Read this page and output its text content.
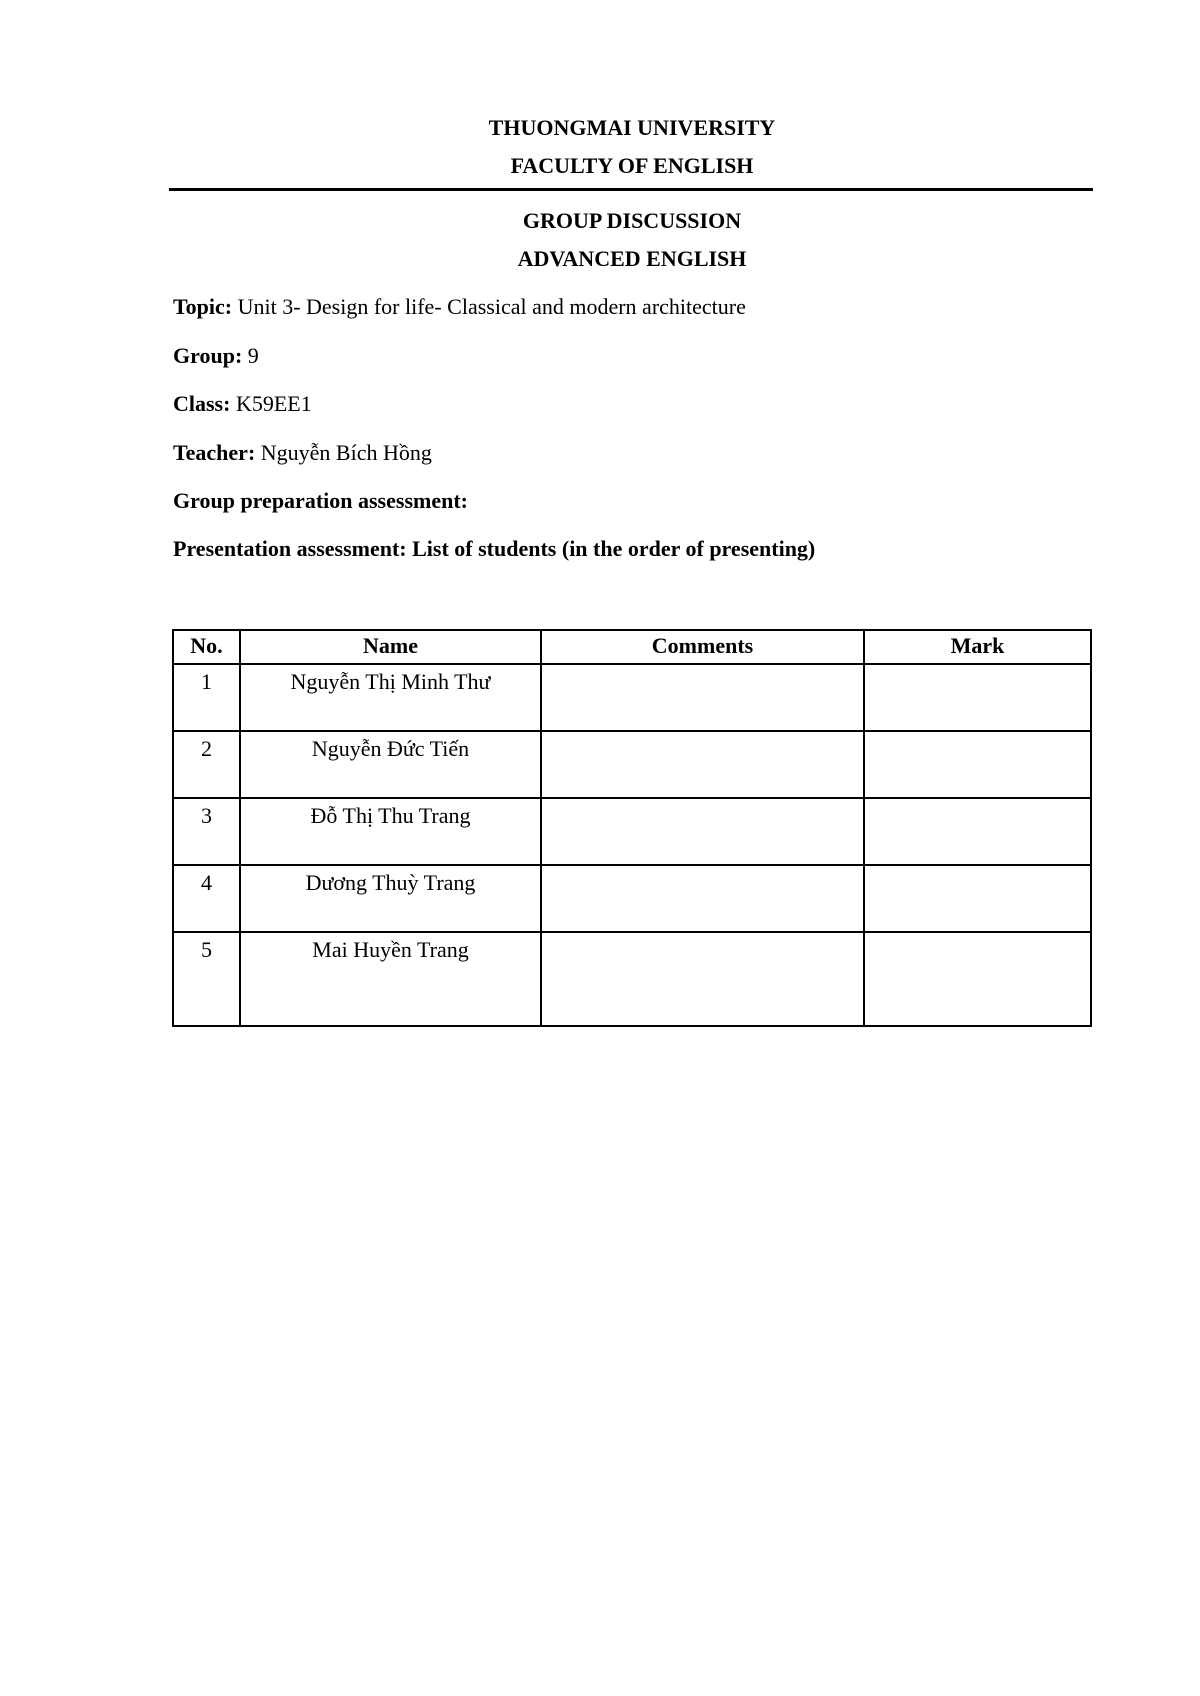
THUONGMAI UNIVERSITY
FACULTY OF ENGLISH
GROUP DISCUSSION
ADVANCED ENGLISH
Topic: Unit 3- Design for life- Classical and modern architecture
Group: 9
Class: K59EE1
Teacher: Nguyễn Bích Hồng
Group preparation assessment:
Presentation assessment: List of students (in the order of presenting)
No.	Name	Comments	Mark
1	Nguyễn Thị Minh Thư		
2	Nguyễn Đức Tiến		
3	Đỗ Thị Thu Trang		
4	Dương Thuỳ Trang		
5	Mai Huyền Trang		
